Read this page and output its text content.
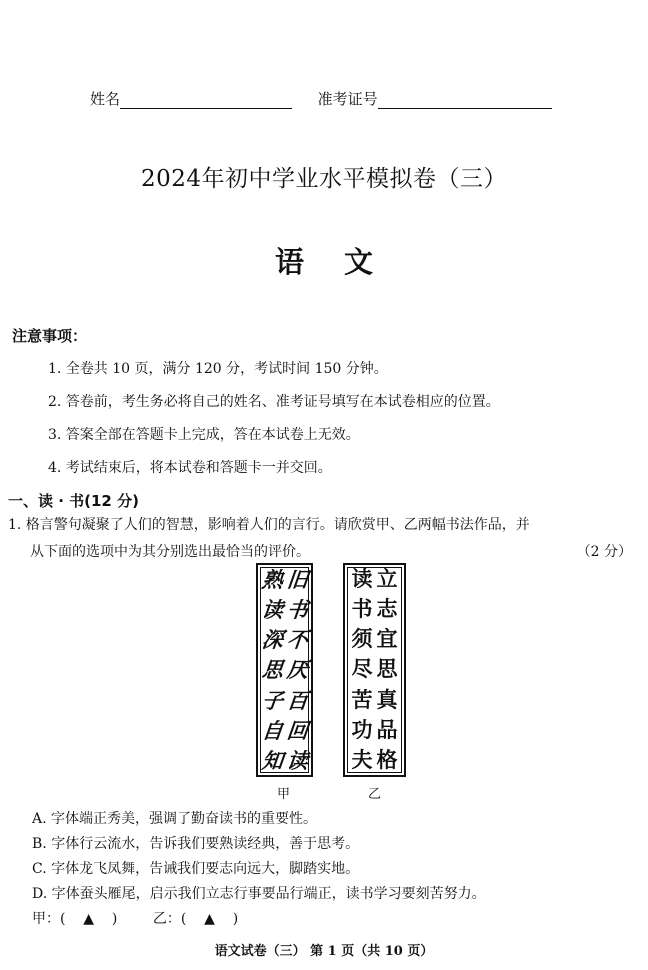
姓名	准考证号
2024年初中学业水平模拟卷（三）
语文
注意事项：
1. 全卷共 10 页，满分 120 分，考试时间 150 分钟。
2. 答卷前，考生务必将自己的姓名、准考证号填写在本试卷相应的位置。
3. 答案全部在答题卡上完成，答在本试卷上无效。
4. 考试结束后，将本试卷和答题卡一并交回。
一、读 · 书(12 分)
1. 格言警句凝聚了人们的智慧，影响着人们的言行。请欣赏甲、乙两幅书法作品，并
从下面的选项中为其分别选出最恰当的评价。	（2 分）
旧
书
不
厌
百
回
读
熟
读
深
思
子
自
知
甲
立
志
宜
思
真
品
格
读
书
须
尽
苦
功
夫
乙
A. 字体端正秀美，强调了勤奋读书的重要性。
B. 字体行云流水，告诉我们要熟读经典，善于思考。
C. 字体龙飞凤舞，告诫我们要志向远大，脚踏实地。
D. 字体蚕头雁尾，启示我们立志行事要品行端正，读书学习要刻苦努力。
甲：(    ▲    )        乙：(    ▲    )
语文试卷（三） 第 1 页（共 10 页）
